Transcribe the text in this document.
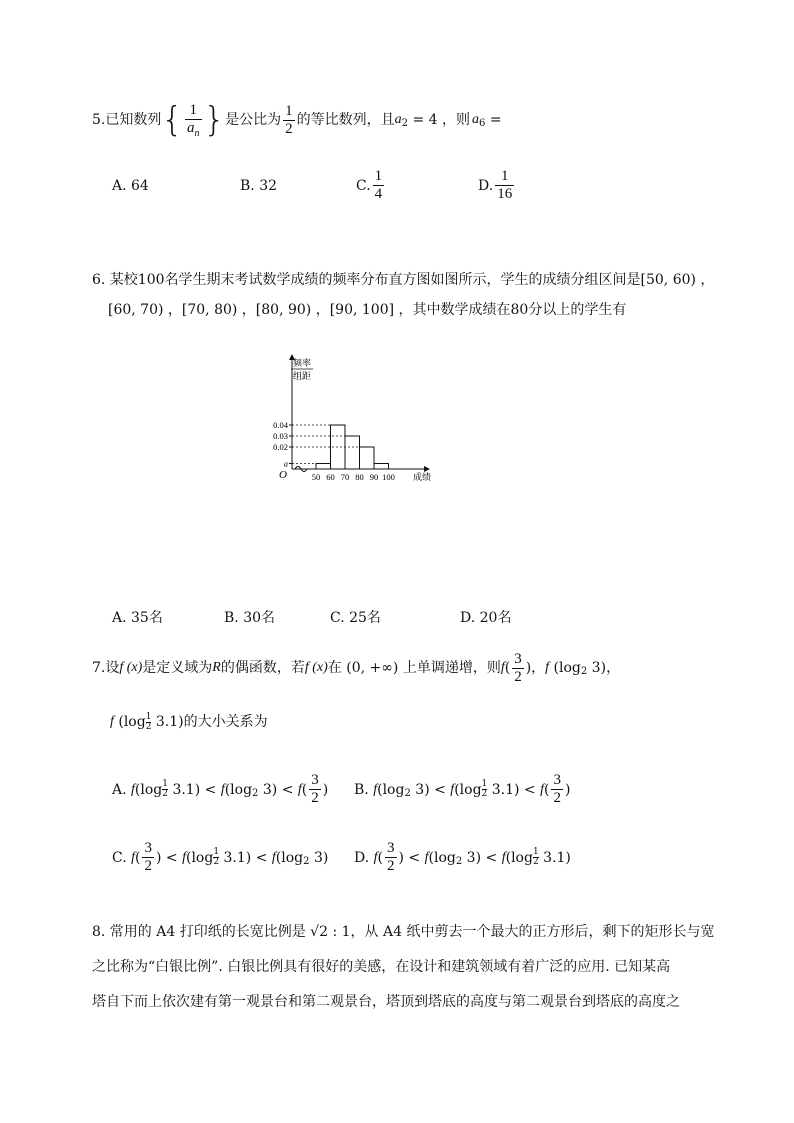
5. 已知数列 { $\frac{1}{a_n}$ } 是公比为 $\frac{1}{2}$ 的等比数列，且 a 2 = 4 ，则 a 6 =
A. 64	B. 32	C. $\frac{1}{4}$	D. $\frac{1}{16}$
6. 某校100名学生期末考试数学成绩的频率分布直方图如图所示，学生的成绩分组区间是[50, 60) ，
[60, 70) ，[70, 80) ，[80, 90) ，[90, 100] ，其中数学成绩在80分以上的学生有
0.04
0.03
0.02
a
50 60 70 80 90 100 成绩
O
频率
组距
A. 35名	B. 30名	C. 25名	D. 20名
7. 设 f (x) 是定义域为 R 的偶函数，若 f (x) 在 (0, +∞) 上单调递增，则 f ( $\frac{3}{2}$ ) ， f ( log 2
3 ) ，
f ( log 1
2
3.1 ) 的大小关系为
A.
f ( log 1
2
3.1 ) <
f ( log 2
3 ) <
f ( $\frac{3}{2}$ ) B.
f ( log 2
3 ) <
f ( log 1
2
3.1 ) <
f ( $\frac{3}{2}$ )
C.
f ( $\frac{3}{2}$ ) <
f ( log 1
2
3.1 ) <
f ( log 2
3 ) D.
f ( $\frac{3}{2}$ ) <
f ( log 2
3 ) <
f ( log 1
2
3.1 )
8. 常用的 A4 打印纸的长宽比例是 √2 : 1，从 A4 纸中剪去一个最大的正方形后，剩下的矩形长与宽
之比称为“白银比例”. 白银比例具有很好的美感，在设计和建筑领域有着广泛的应用. 已知某高
塔自下而上依次建有第一观景台和第二观景台，塔顶到塔底的高度与第二观景台到塔底的高度之
